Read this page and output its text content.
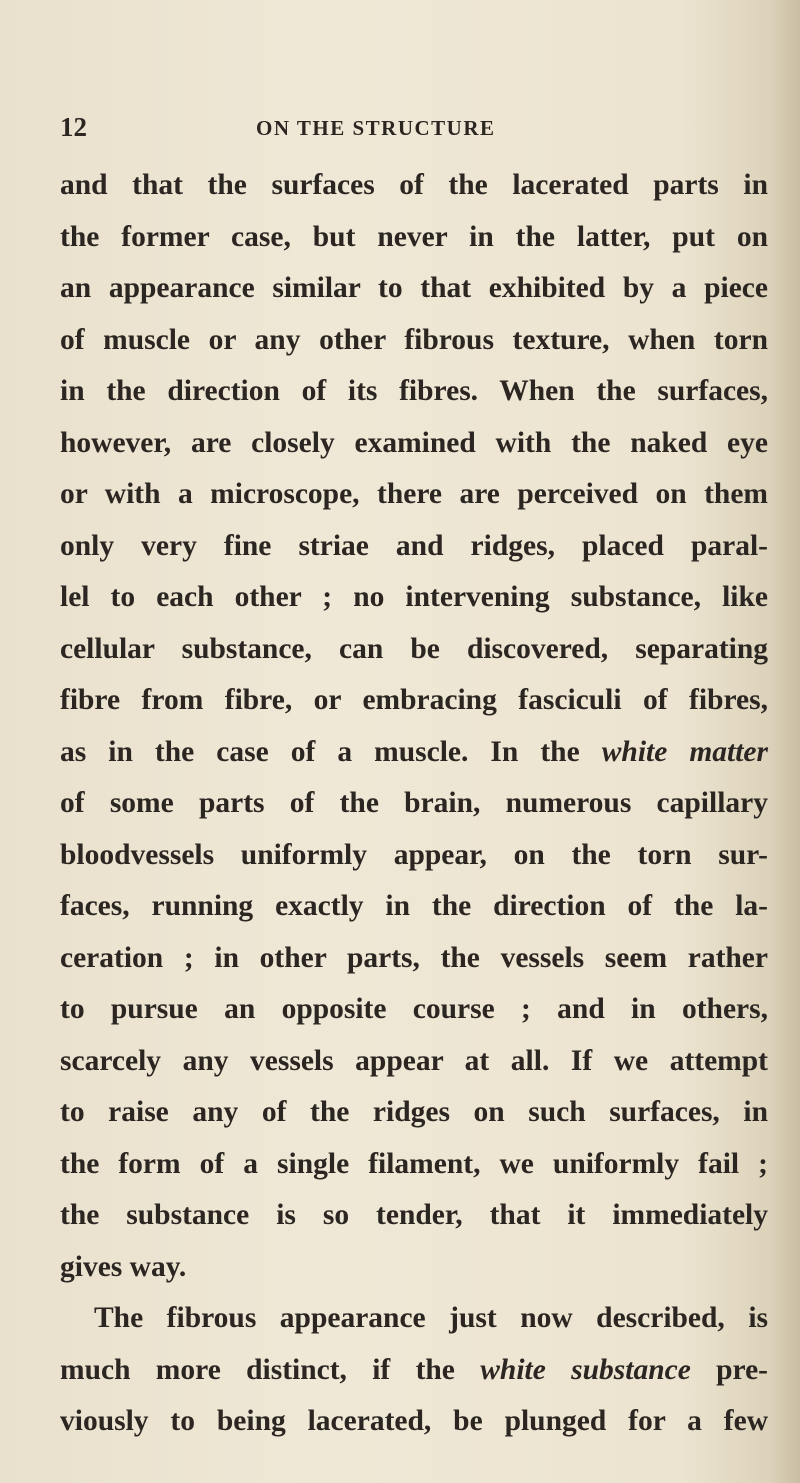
12	ON THE STRUCTURE
and that the surfaces of the lacerated parts in
the former case, but never in the latter, put on
an appearance similar to that exhibited by a piece
of muscle or any other fibrous texture, when torn
in the direction of its fibres. When the surfaces,
however, are closely examined with the naked eye
or with a microscope, there are perceived on them
only very fine striae and ridges, placed paral-
lel to each other ; no intervening substance, like
cellular substance, can be discovered, separating
fibre from fibre, or embracing fasciculi of fibres,
as in the case of a muscle. In the white matter
of some parts of the brain, numerous capillary
bloodvessels uniformly appear, on the torn sur-
faces, running exactly in the direction of the la-
ceration ; in other parts, the vessels seem rather
to pursue an opposite course ; and in others,
scarcely any vessels appear at all. If we attempt
to raise any of the ridges on such surfaces, in
the form of a single filament, we uniformly fail ;
the substance is so tender, that it immediately
gives way.
The fibrous appearance just now described, is
much more distinct, if the white substance pre-
viously to being lacerated, be plunged for a few
